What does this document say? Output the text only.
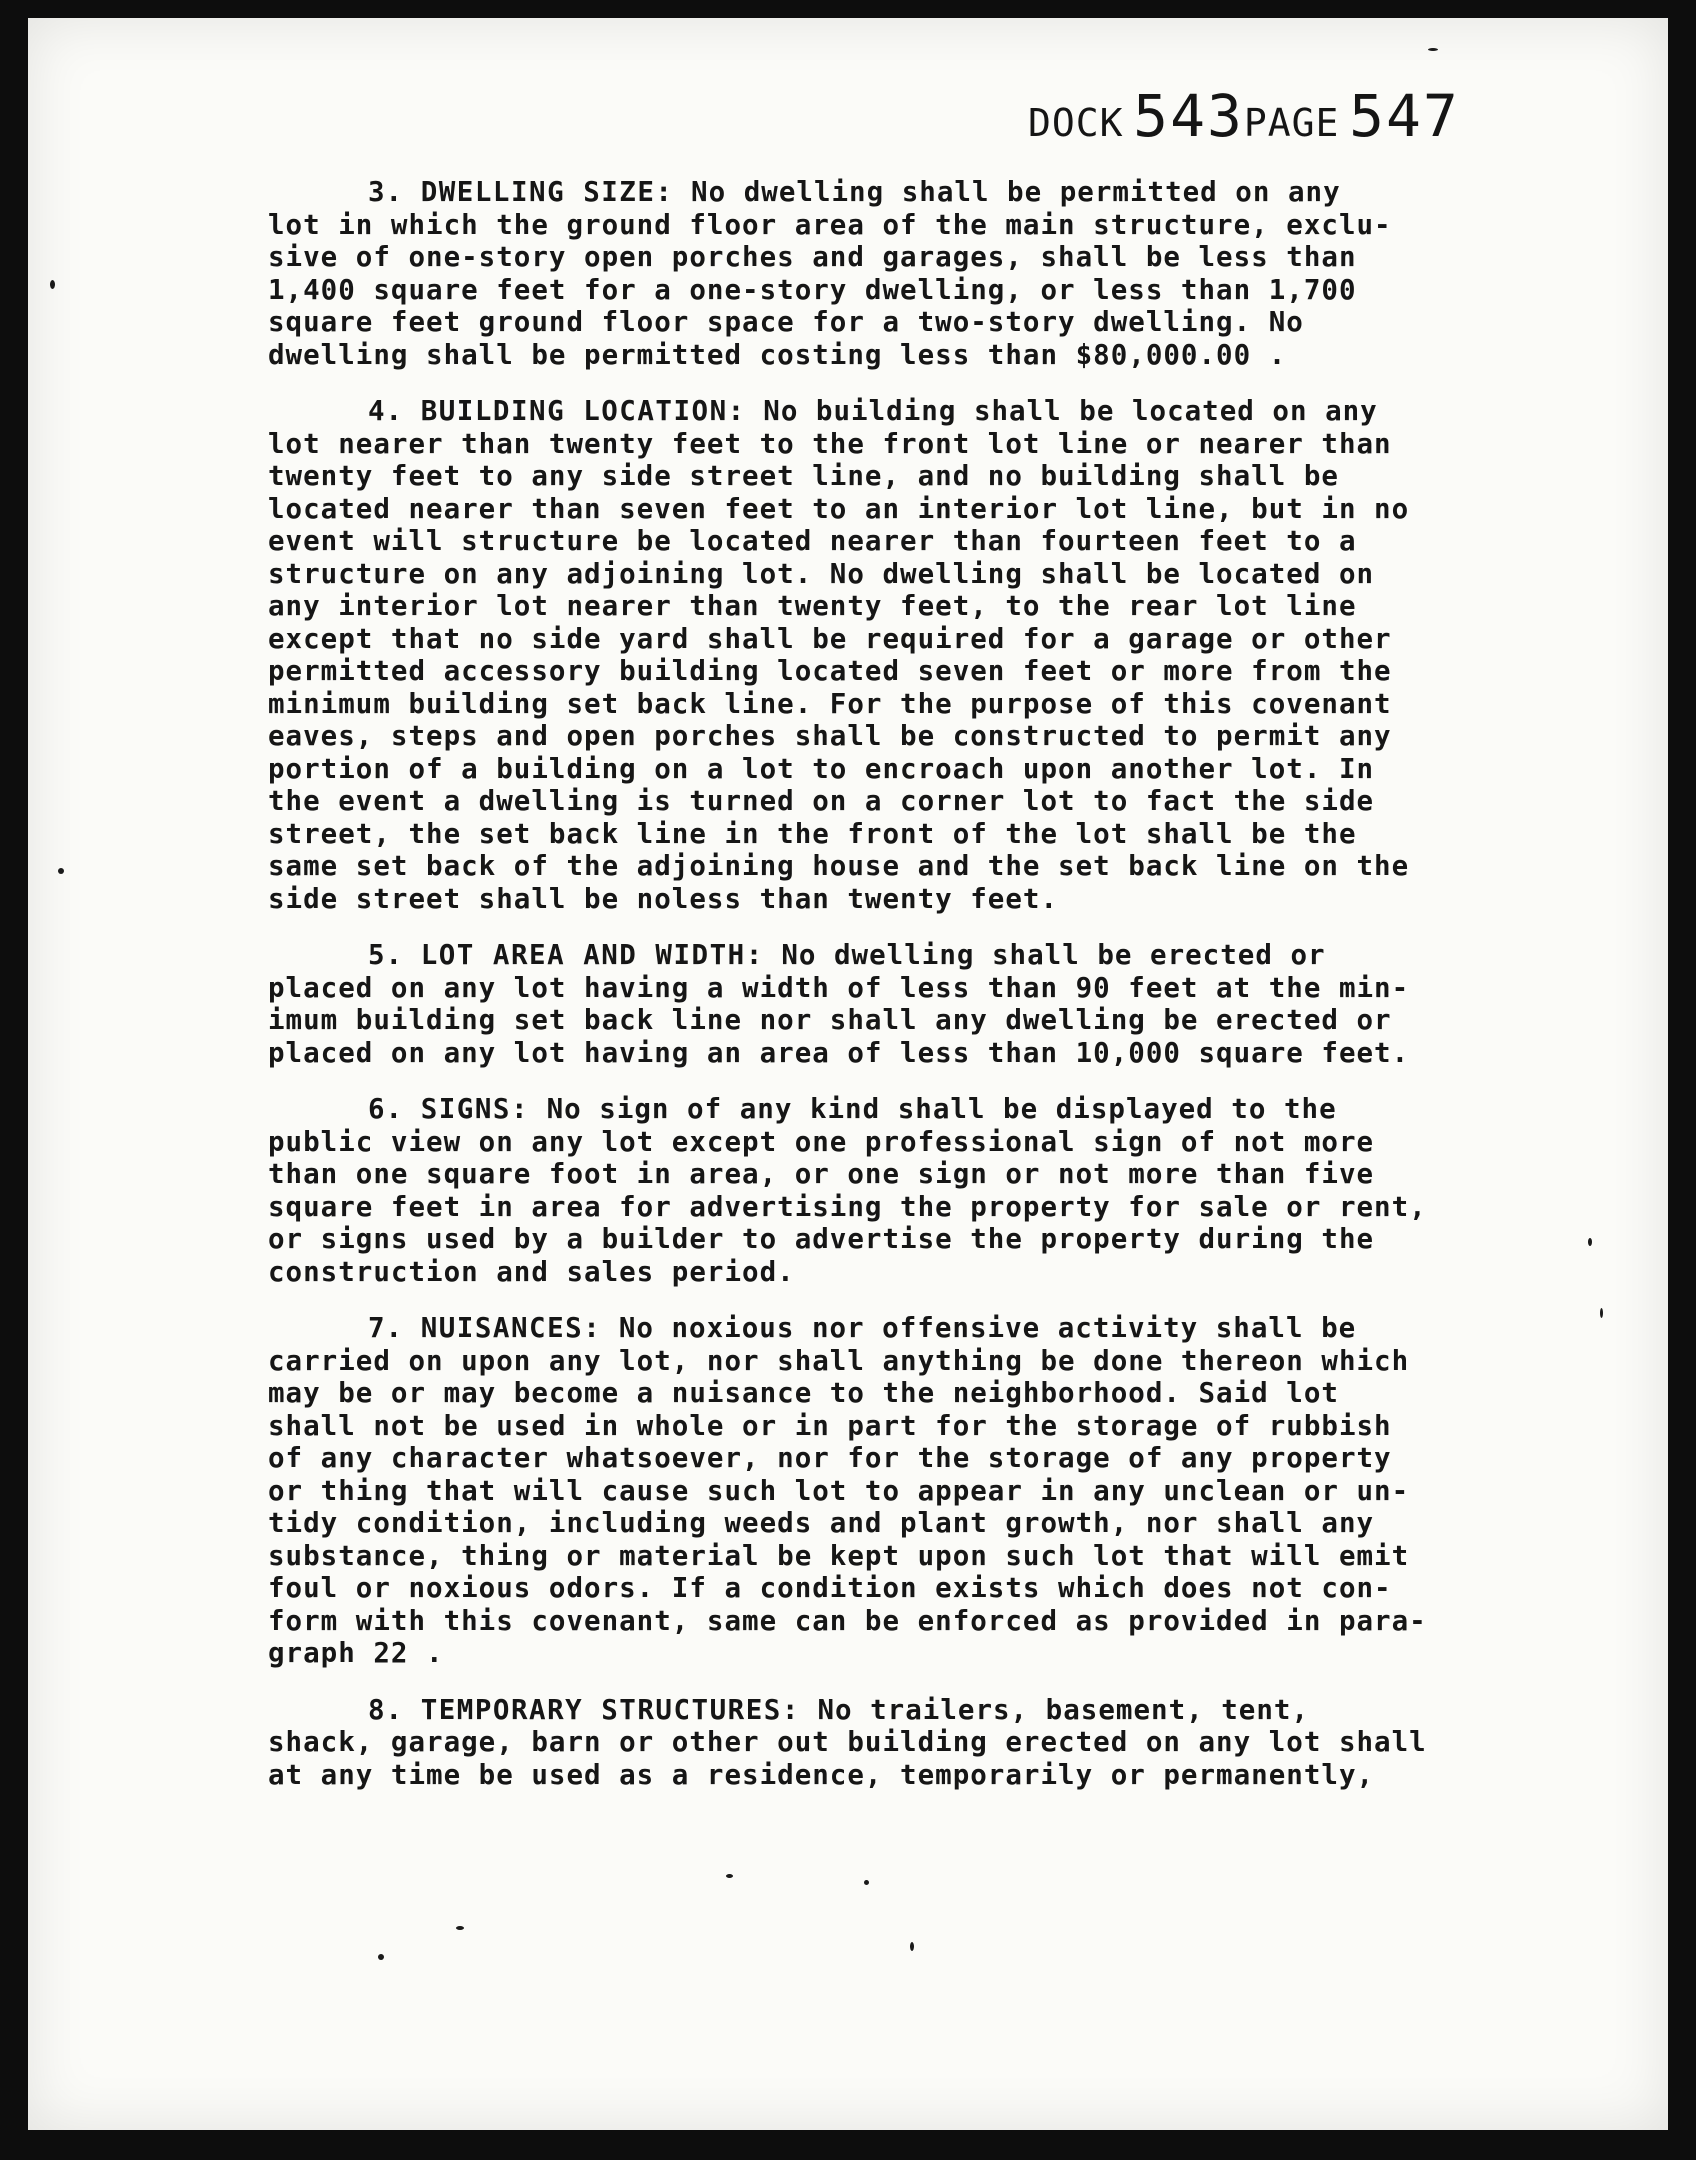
DOCK 543PAGE 547
3. DWELLING SIZE: No dwelling shall be permitted on any
lot in which the ground floor area of the main structure, exclu-
sive of one-story open porches and garages, shall be less than
1,400 square feet for a one-story dwelling, or less than 1,700
square feet ground floor space for a two-story dwelling. No
dwelling shall be permitted costing less than $80,000.00 .
4. BUILDING LOCATION: No building shall be located on any
lot nearer than twenty feet to the front lot line or nearer than
twenty feet to any side street line, and no building shall be
located nearer than seven feet to an interior lot line, but in no
event will structure be located nearer than fourteen feet to a
structure on any adjoining lot. No dwelling shall be located on
any interior lot nearer than twenty feet, to the rear lot line
except that no side yard shall be required for a garage or other
permitted accessory building located seven feet or more from the
minimum building set back line. For the purpose of this covenant
eaves, steps and open porches shall be constructed to permit any
portion of a building on a lot to encroach upon another lot. In
the event a dwelling is turned on a corner lot to fact the side
street, the set back line in the front of the lot shall be the
same set back of the adjoining house and the set back line on the
side street shall be noless than twenty feet.
5. LOT AREA AND WIDTH: No dwelling shall be erected or
placed on any lot having a width of less than 90 feet at the min-
imum building set back line nor shall any dwelling be erected or
placed on any lot having an area of less than 10,000 square feet.
6. SIGNS: No sign of any kind shall be displayed to the
public view on any lot except one professional sign of not more
than one square foot in area, or one sign or not more than five
square feet in area for advertising the property for sale or rent,
or signs used by a builder to advertise the property during the
construction and sales period.
7. NUISANCES: No noxious nor offensive activity shall be
carried on upon any lot, nor shall anything be done thereon which
may be or may become a nuisance to the neighborhood. Said lot
shall not be used in whole or in part for the storage of rubbish
of any character whatsoever, nor for the storage of any property
or thing that will cause such lot to appear in any unclean or un-
tidy condition, including weeds and plant growth, nor shall any
substance, thing or material be kept upon such lot that will emit
foul or noxious odors. If a condition exists which does not con-
form with this covenant, same can be enforced as provided in para-
graph 22 .
8. TEMPORARY STRUCTURES: No trailers, basement, tent,
shack, garage, barn or other out building erected on any lot shall
at any time be used as a residence, temporarily or permanently,
